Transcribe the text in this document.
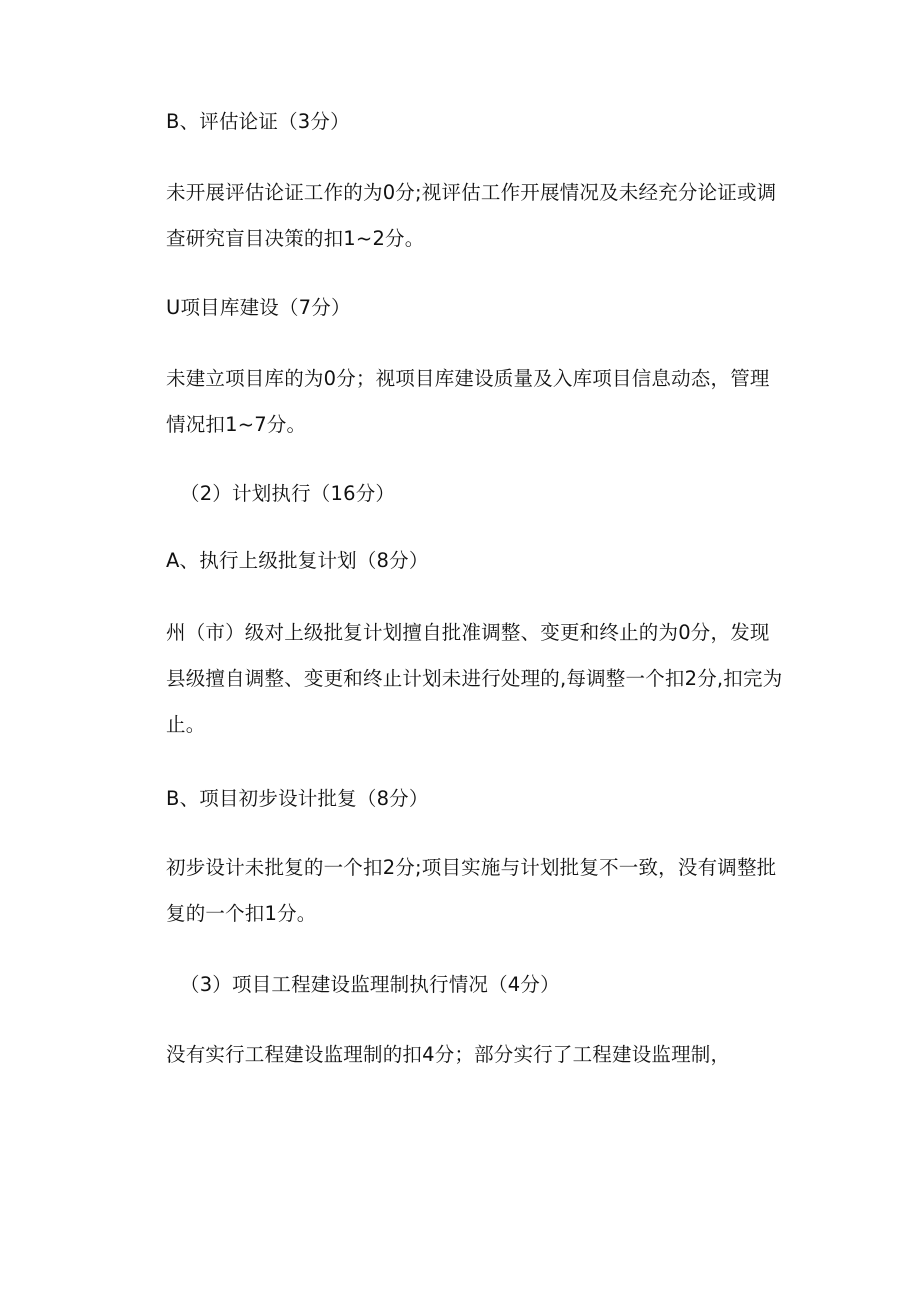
B、评估论证（3分）

未开展评估论证工作的为0分;视评估工作开展情况及未经充分论证或调查研究盲目决策的扣1~2分。

U项目库建设（7分）

未建立项目库的为0分；视项目库建设质量及入库项目信息动态，管理情况扣1~7分。

（2）计划执行（16分）

A、执行上级批复计划（8分）

州（市）级对上级批复计划擅自批准调整、变更和终止的为0分，发现县级擅自调整、变更和终止计划未进行处理的,每调整一个扣2分,扣完为止。

B、项目初步设计批复（8分）

初步设计未批复的一个扣2分;项目实施与计划批复不一致，没有调整批复的一个扣1分。

（3）项目工程建设监理制执行情况（4分）

没有实行工程建设监理制的扣4分；部分实行了工程建设监理制，
